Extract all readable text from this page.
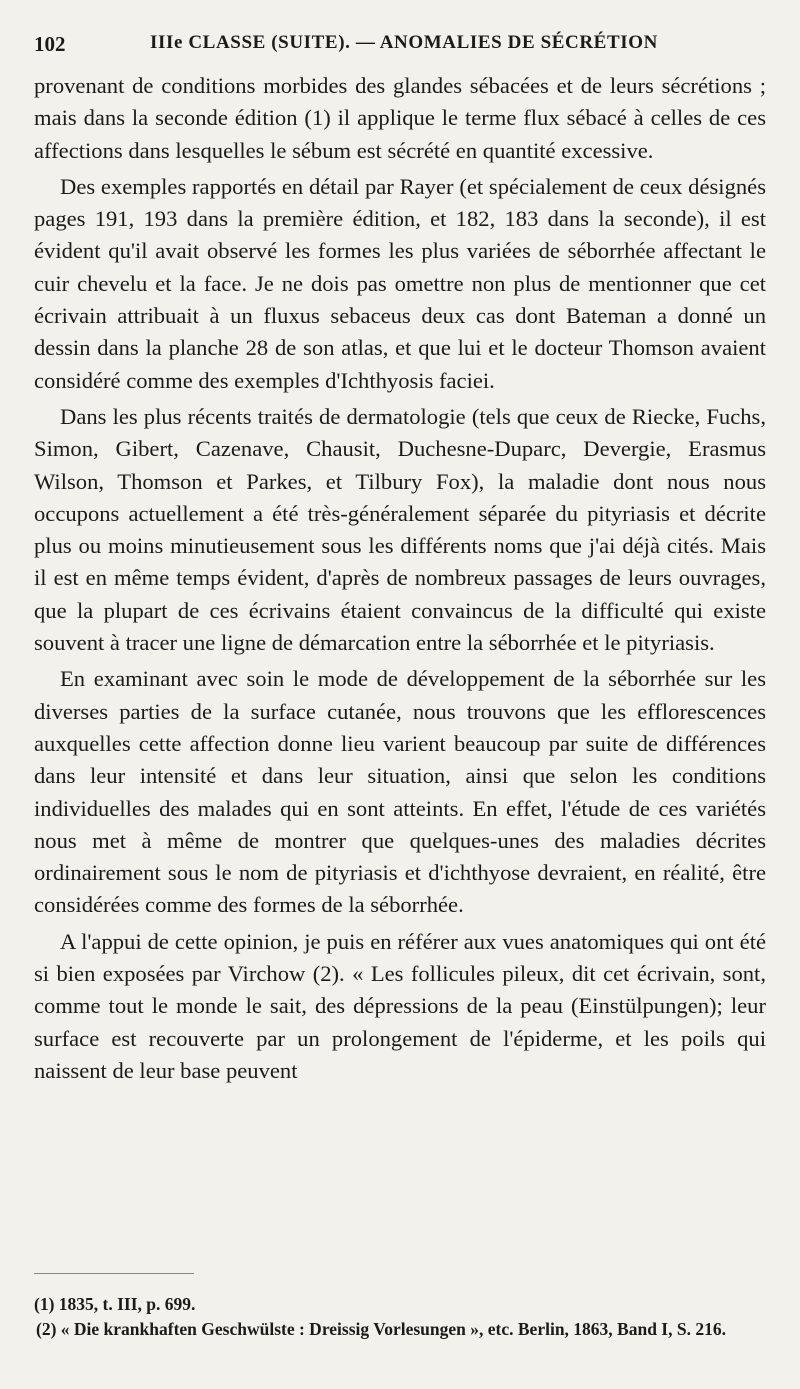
102	IIIe CLASSE (SUITE). — ANOMALIES DE SÉCRÉTION

provenant de conditions morbides des glandes sébacées et de leurs sécrétions ; mais dans la seconde édition (1) il applique le terme flux sébacé à celles de ces affections dans lesquelles le sébum est sécrété en quantité excessive.

Des exemples rapportés en détail par Rayer (et spécialement de ceux désignés pages 191, 193 dans la première édition, et 182, 183 dans la seconde), il est évident qu'il avait observé les formes les plus variées de séborrhée affectant le cuir chevelu et la face. Je ne dois pas omettre non plus de mentionner que cet écrivain attribuait à un fluxus sebaceus deux cas dont Bateman a donné un dessin dans la planche 28 de son atlas, et que lui et le docteur Thomson avaient considéré comme des exemples d'Ichthyosis faciei.

Dans les plus récents traités de dermatologie (tels que ceux de Riecke, Fuchs, Simon, Gibert, Cazenave, Chausit, Duchesne-Duparc, Devergie, Erasmus Wilson, Thomson et Parkes, et Tilbury Fox), la maladie dont nous nous occupons actuellement a été très-généralement séparée du pityriasis et décrite plus ou moins minutieusement sous les différents noms que j'ai déjà cités. Mais il est en même temps évident, d'après de nombreux passages de leurs ouvrages, que la plupart de ces écrivains étaient convaincus de la difficulté qui existe souvent à tracer une ligne de démarcation entre la séborrhée et le pityriasis.

En examinant avec soin le mode de développement de la séborrhée sur les diverses parties de la surface cutanée, nous trouvons que les efflorescences auxquelles cette affection donne lieu varient beaucoup par suite de différences dans leur intensité et dans leur situation, ainsi que selon les conditions individuelles des malades qui en sont atteints. En effet, l'étude de ces variétés nous met à même de montrer que quelques-unes des maladies décrites ordinairement sous le nom de pityriasis et d'ichthyose devraient, en réalité, être considérées comme des formes de la séborrhée.

A l'appui de cette opinion, je puis en référer aux vues anatomiques qui ont été si bien exposées par Virchow (2). « Les follicules pileux, dit cet écrivain, sont, comme tout le monde le sait, des dépressions de la peau (Einstülpungen); leur surface est recouverte par un prolongement de l'épiderme, et les poils qui naissent de leur base peuvent

(1) 1835, t. III, p. 699.

(2) « Die krankhaften Geschwülste : Dreissig Vorlesungen », etc. Berlin, 1863, Band I, S. 216.
